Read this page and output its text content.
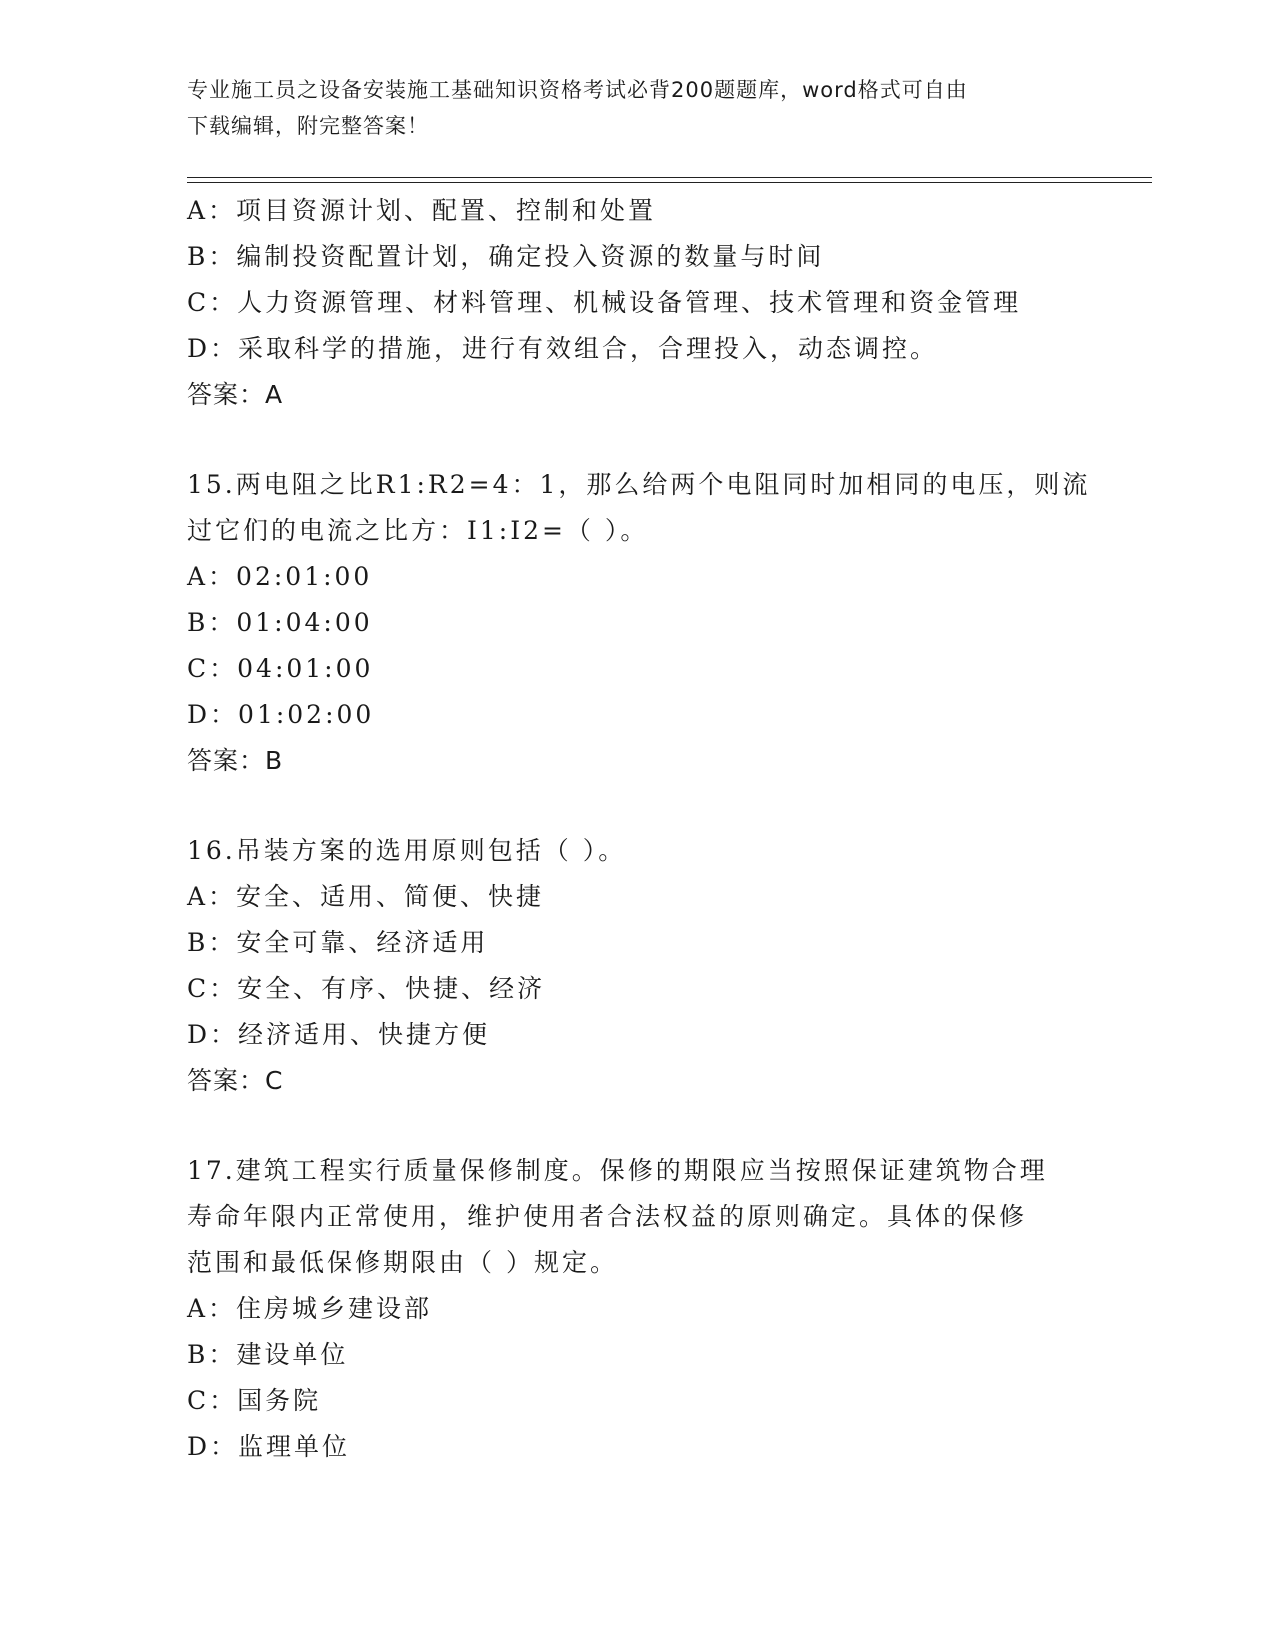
专业施工员之设备安装施工基础知识资格考试必背200题题库，word格式可自由
下载编辑，附完整答案！
A：项目资源计划、配置、控制和处置
B：编制投资配置计划，确定投入资源的数量与时间
C：人力资源管理、材料管理、机械设备管理、技术管理和资金管理
D：采取科学的措施，进行有效组合，合理投入，动态调控。
答案：A
15.两电阻之比R1:R2=4：1，那么给两个电阻同时加相同的电压，则流
过它们的电流之比方：I1:I2=（ ）。
A：02:01:00
B：01:04:00
C：04:01:00
D：01:02:00
答案：B
16.吊装方案的选用原则包括（ ）。
A：安全、适用、简便、快捷
B：安全可靠、经济适用
C：安全、有序、快捷、经济
D：经济适用、快捷方便
答案：C
17.建筑工程实行质量保修制度。保修的期限应当按照保证建筑物合理
寿命年限内正常使用，维护使用者合法权益的原则确定。具体的保修
范围和最低保修期限由（ ）规定。
A：住房城乡建设部
B：建设单位
C：国务院
D：监理单位
